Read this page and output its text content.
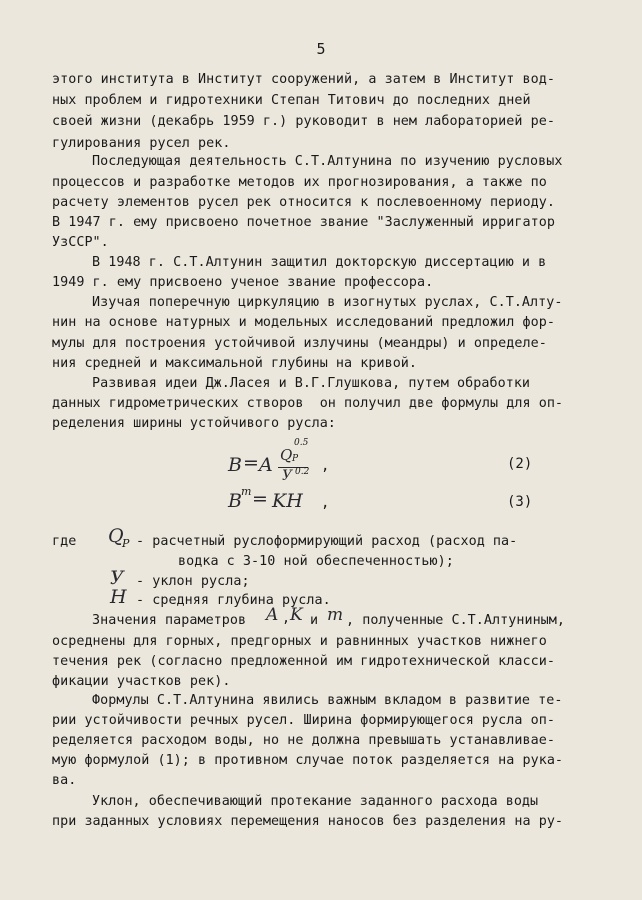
5
этого института в Институт сооружений, а затем в Институт вод-
ных проблем и гидротехники Степан Титович до последних дней
своей жизни (декабрь 1959 г.) руководит в нем лабораторией ре-
гулирования русел рек.
Последующая деятельность С.Т.Алтунина по изучению русловых
процессов и разработке методов их прогнозирования, а также по
расчету элементов русел рек относится к послевоенному периоду.
В 1947 г. ему присвоено почетное звание "Заслуженный ирригатор
УзССР".
В 1948 г. С.Т.Алтунин защитил докторскую диссертацию и в
1949 г. ему присвоено ученое звание профессора.
Изучая поперечную циркуляцию в изогнутых руслах, С.Т.Алту-
нин на основе натурных и модельных исследований предложил фор-
мулы для построения устойчивой излучины (меандры) и определе-
ния средней и максимальной глубины на кривой.
Развивая идеи Дж.Ласея и В.Г.Глушкова, путем обработки
данных гидрометрических створов  он получил две формулы для оп-
ределения ширины устойчивого русла:
B = A Q P
0.5
У 0.2 ,	(2)
B m = KH ,	(3)
где Q
P - расчетный руслоформирующий расход (расход па-
водка с 3-10 ной обеспеченностью);
У - уклон русла;
H - средняя глубина русла.
Значения параметров A , K и m , полученные С.Т.Алтуниным,
осреднены для горных, предгорных и равнинных участков нижнего
течения рек (согласно предложенной им гидротехнической класси-
фикации участков рек).
Формулы С.Т.Алтунина явились важным вкладом в развитие те-
рии устойчивости речных русел. Ширина формирующегося русла оп-
ределяется расходом воды, но не должна превышать устанавливае-
мую формулой (1); в противном случае поток разделяется на рука-
ва.
Уклон, обеспечивающий протекание заданного расхода воды
при заданных условиях перемещения наносов без разделения на ру-
